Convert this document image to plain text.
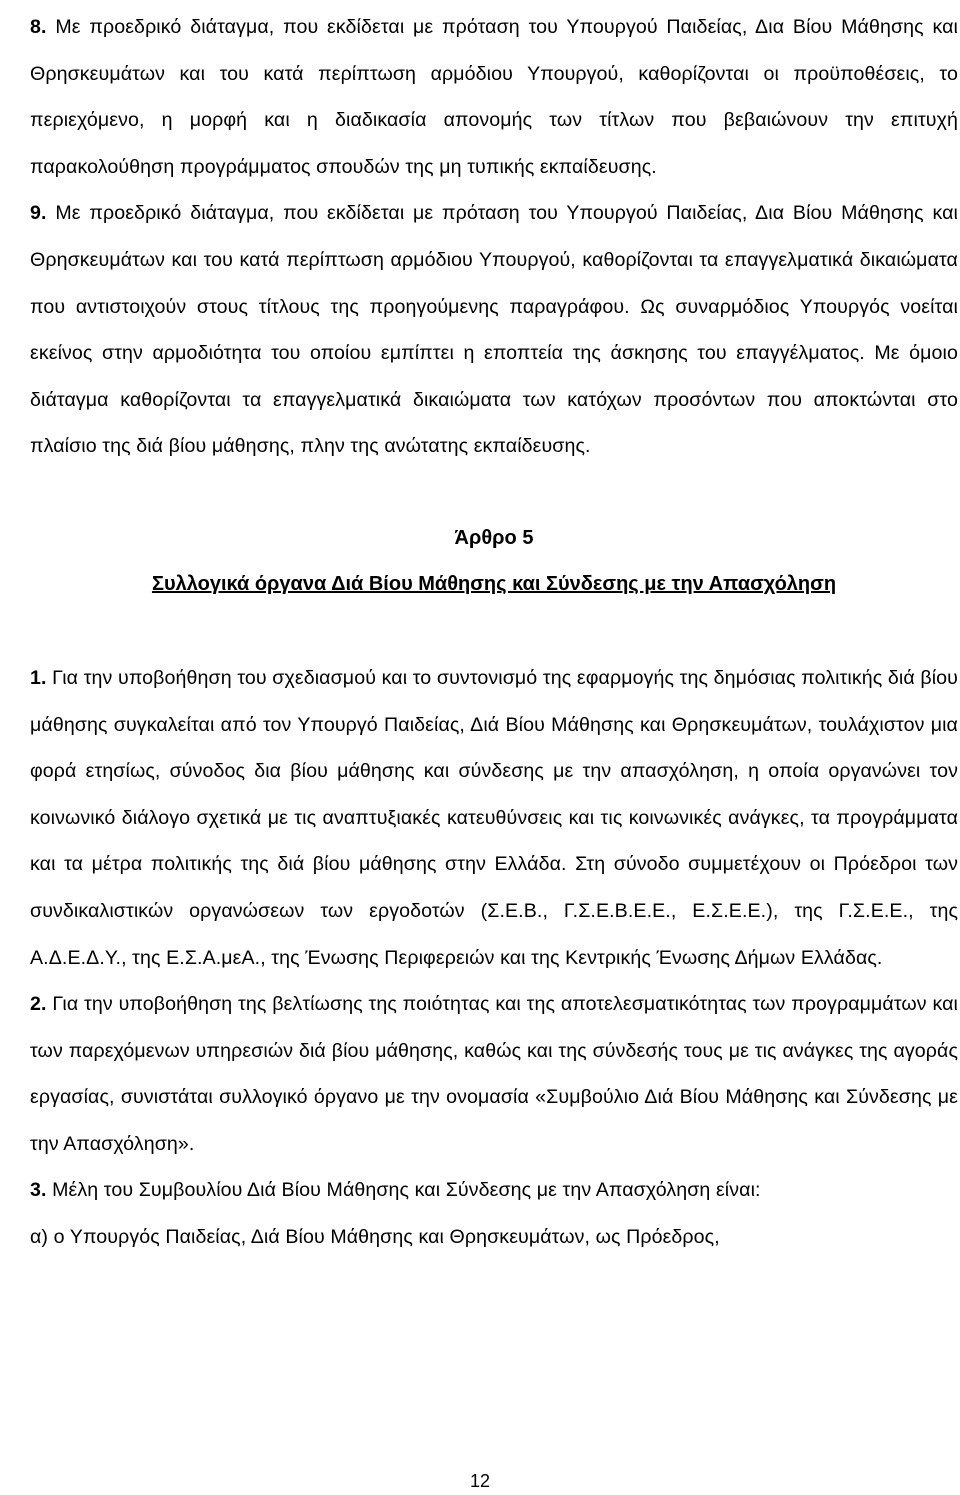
8. Με προεδρικό διάταγμα, που εκδίδεται με πρόταση του Υπουργού Παιδείας, Δια Βίου Μάθησης και Θρησκευμάτων και του κατά περίπτωση αρμόδιου Υπουργού, καθορίζονται οι προϋποθέσεις, το περιεχόμενο, η μορφή και η διαδικασία απονομής των τίτλων που βεβαιώνουν την επιτυχή παρακολούθηση προγράμματος σπουδών της μη τυπικής εκπαίδευσης.

9. Με προεδρικό διάταγμα, που εκδίδεται με πρόταση του Υπουργού Παιδείας, Δια Βίου Μάθησης και Θρησκευμάτων και του κατά περίπτωση αρμόδιου Υπουργού, καθορίζονται τα επαγγελματικά δικαιώματα που αντιστοιχούν στους τίτλους της προηγούμενης παραγράφου. Ως συναρμόδιος Υπουργός νοείται εκείνος στην αρμοδιότητα του οποίου εμπίπτει η εποπτεία της άσκησης του επαγγέλματος. Με όμοιο διάταγμα καθορίζονται τα επαγγελματικά δικαιώματα των κατόχων προσόντων που αποκτώνται στο πλαίσιο της διά βίου μάθησης, πλην της ανώτατης εκπαίδευσης.

Άρθρο 5

Συλλογικά όργανα Διά Βίου Μάθησης και Σύνδεσης με την Απασχόληση

1. Για την υποβοήθηση του σχεδιασμού και το συντονισμό της εφαρμογής της δημόσιας πολιτικής διά βίου μάθησης συγκαλείται από τον Υπουργό Παιδείας, Διά Βίου Μάθησης και Θρησκευμάτων, τουλάχιστον μια φορά ετησίως, σύνοδος δια βίου μάθησης και σύνδεσης με την απασχόληση, η οποία οργανώνει τον κοινωνικό διάλογο σχετικά με τις αναπτυξιακές κατευθύνσεις και τις κοινωνικές ανάγκες, τα προγράμματα και τα μέτρα πολιτικής της διά βίου μάθησης στην Ελλάδα. Στη σύνοδο συμμετέχουν οι Πρόεδροι των συνδικαλιστικών οργανώσεων των εργοδοτών (Σ.Ε.Β., Γ.Σ.Ε.Β.Ε.Ε., Ε.Σ.Ε.Ε.), της Γ.Σ.Ε.Ε., της Α.Δ.Ε.Δ.Υ., της Ε.Σ.Α.μεΑ., της Ένωσης Περιφερειών και της Κεντρικής Ένωσης Δήμων Ελλάδας.

2. Για την υποβοήθηση της βελτίωσης της ποιότητας και της αποτελεσματικότητας των προγραμμάτων και των παρεχόμενων υπηρεσιών διά βίου μάθησης, καθώς και της σύνδεσής τους με τις ανάγκες της αγοράς εργασίας, συνιστάται συλλογικό όργανο με την ονομασία «Συμβούλιο Διά Βίου Μάθησης και Σύνδεσης με την Απασχόληση».

3. Μέλη του Συμβουλίου Διά Βίου Μάθησης και Σύνδεσης με την Απασχόληση είναι:

α) ο Υπουργός Παιδείας, Διά Βίου Μάθησης και Θρησκευμάτων, ως Πρόεδρος,

12
